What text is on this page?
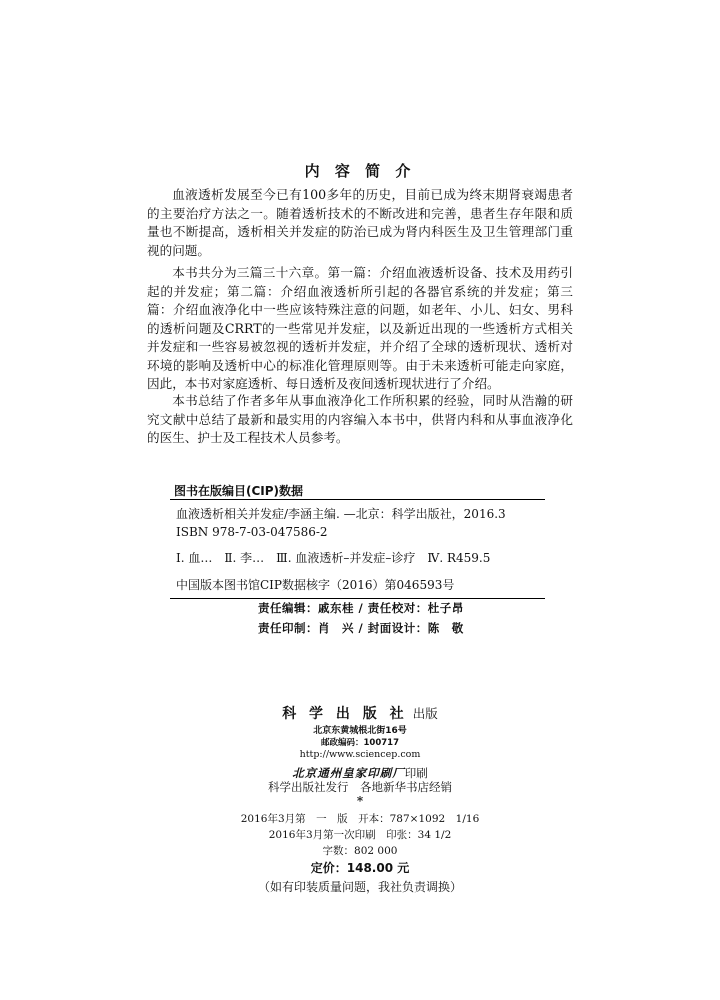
内 容 简 介

血液透析发展至今已有100多年的历史，目前已成为终末期肾衰竭患者的主要治疗方法之一。随着透析技术的不断改进和完善，患者生存年限和质量也不断提高，透析相关并发症的防治已成为肾内科医生及卫生管理部门重视的问题。

本书共分为三篇三十六章。第一篇：介绍血液透析设备、技术及用药引起的并发症；第二篇：介绍血液透析所引起的各器官系统的并发症；第三篇：介绍血液净化中一些应该特殊注意的问题，如老年、小儿、妇女、男科的透析问题及CRRT的一些常见并发症，以及新近出现的一些透析方式相关并发症和一些容易被忽视的透析并发症，并介绍了全球的透析现状、透析对环境的影响及透析中心的标准化管理原则等。由于未来透析可能走向家庭，因此，本书对家庭透析、每日透析及夜间透析现状进行了介绍。

本书总结了作者多年从事血液净化工作所积累的经验，同时从浩瀚的研究文献中总结了最新和最实用的内容编入本书中，供肾内科和从事血液净化的医生、护士及工程技术人员参考。

图书在版编目(CIP)数据
血液透析相关并发症/李涵主编. —北京：科学出版社，2016.3
ISBN 978-7-03-047586-2
Ⅰ. 血…　Ⅱ. 李…　Ⅲ. 血液透析–并发症–诊疗　Ⅳ. R459.5
中国版本图书馆CIP数据核字（2016）第046593号
责任编辑：戚东桂 / 责任校对：杜子昂
责任印制：肖　兴 / 封面设计：陈　敬
科 学 出 版 社 出版
北京东黄城根北街16号
邮政编码：100717
http://www.sciencep.com
北京通州皇家印刷厂印刷
科学出版社发行　各地新华书店经销
*
2016年3月第　一　版　开本：787×1092　1/16
2016年3月第一次印刷　印张：34 1/2
字数：802 000
定价：148.00 元
（如有印装质量问题，我社负责调换）
